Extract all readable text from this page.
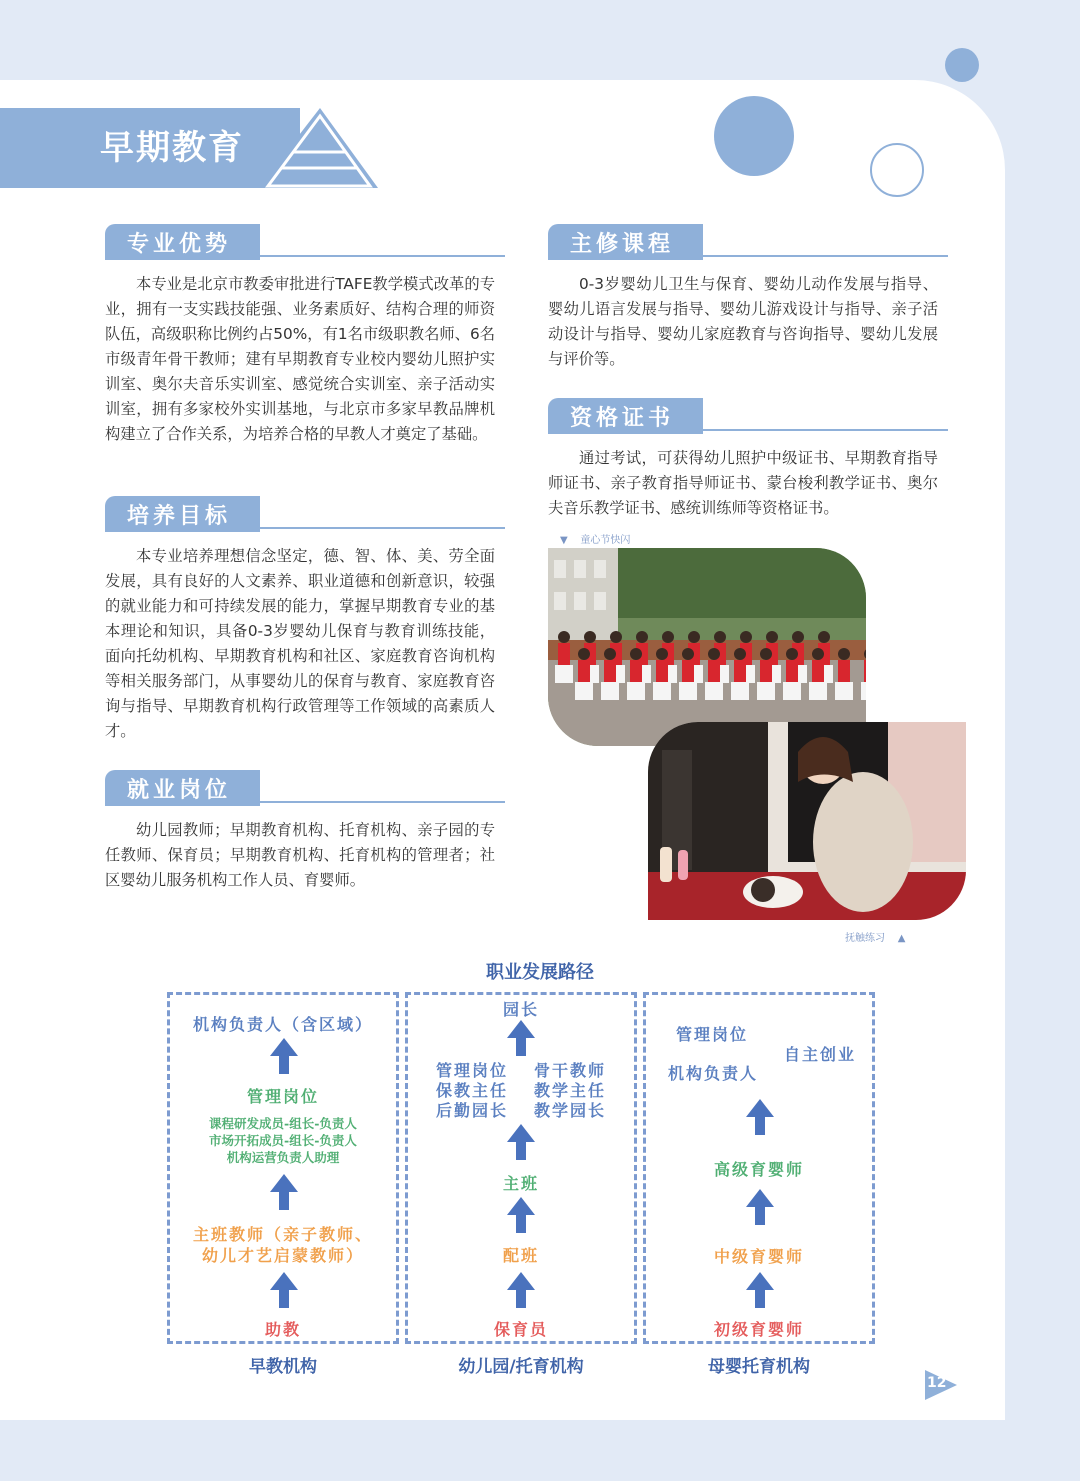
早期教育
专业优势
本专业是北京市教委审批进行TAFE教学模式改革的专业，拥有一支实践技能强、业务素质好、结构合理的师资队伍，高级职称比例约占50%，有1名市级职教名师、6名市级青年骨干教师；建有早期教育专业校内婴幼儿照护实训室、奥尔夫音乐实训室、感觉统合实训室、亲子活动实训室，拥有多家校外实训基地，与北京市多家早教品牌机构建立了合作关系，为培养合格的早教人才奠定了基础。
培养目标
本专业培养理想信念坚定，德、智、体、美、劳全面发展，具有良好的人文素养、职业道德和创新意识，较强的就业能力和可持续发展的能力，掌握早期教育专业的基本理论和知识，具备0-3岁婴幼儿保育与教育训练技能，面向托幼机构、早期教育机构和社区、家庭教育咨询机构等相关服务部门，从事婴幼儿的保育与教育、家庭教育咨询与指导、早期教育机构行政管理等工作领域的高素质人才。
就业岗位
幼儿园教师；早期教育机构、托育机构、亲子园的专任教师、保育员；早期教育机构、托育机构的管理者；社区婴幼儿服务机构工作人员、育婴师。
主修课程
0-3岁婴幼儿卫生与保育、婴幼儿动作发展与指导、婴幼儿语言发展与指导、婴幼儿游戏设计与指导、亲子活动设计与指导、婴幼儿家庭教育与咨询指导、婴幼儿发展与评价等。
资格证书
通过考试，可获得幼儿照护中级证书、早期教育指导师证书、亲子教育指导师证书、蒙台梭利教学证书、奥尔夫音乐教学证书、感统训练师等资格证书。
▼    童心节快闪
抚触练习    ▲
职业发展路径
机构负责人（含区域）
管理岗位
课程研发成员-组长-负责人
市场开拓成员-组长-负责人
机构运营负责人助理
主班教师（亲子教师、
幼儿才艺启蒙教师）
助教
园长
管理岗位
保教主任
后勤园长
骨干教师
教学主任
教学园长
主班
配班
保育员
管理岗位
自主创业
机构负责人
高级育婴师
中级育婴师
初级育婴师
早教机构	幼儿园/托育机构	母婴托育机构
12
